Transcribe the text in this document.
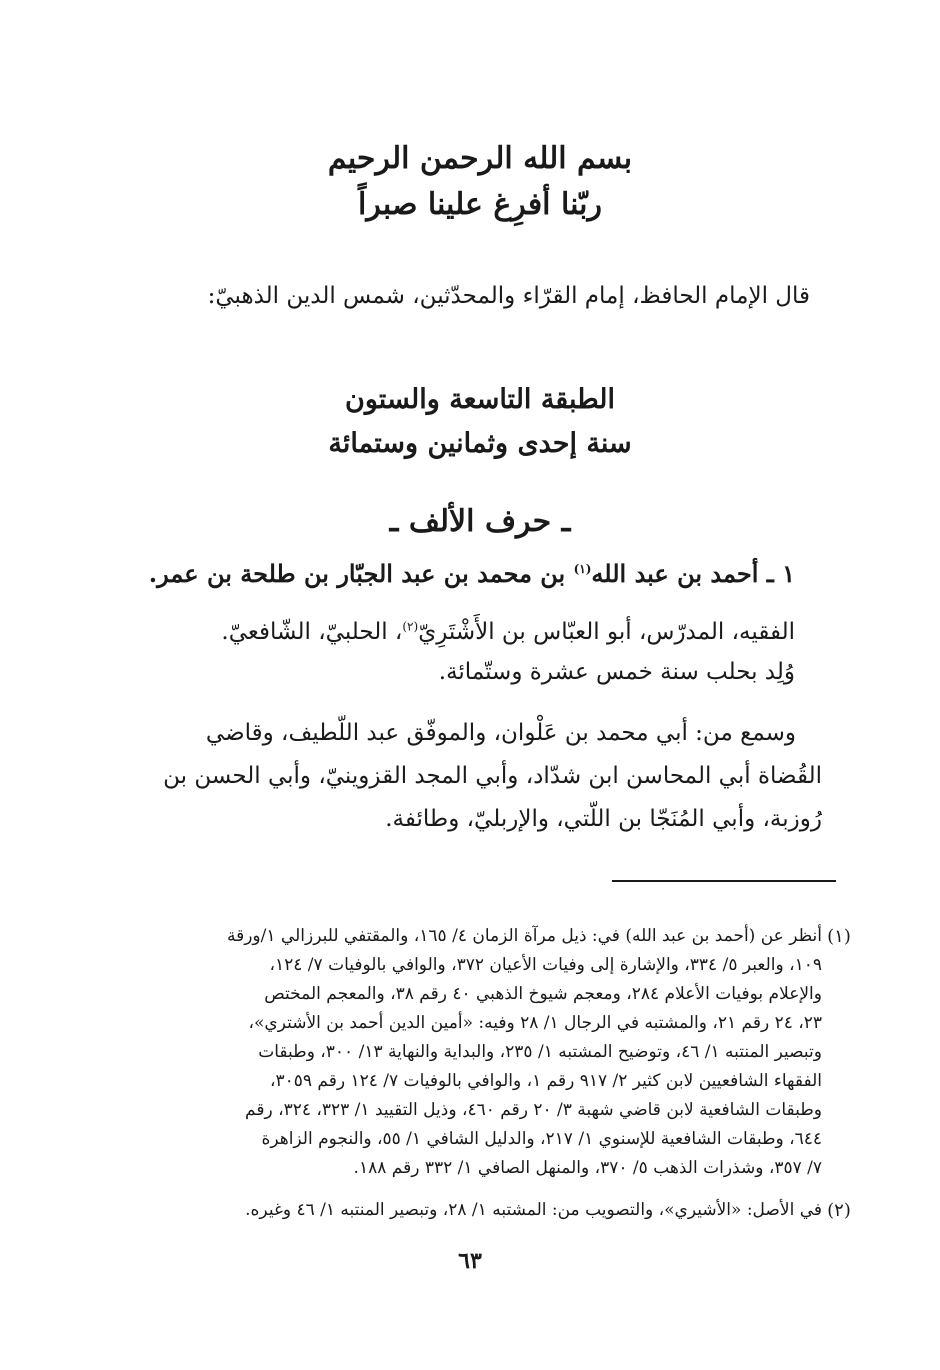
بسم الله الرحمن الرحيم
ربّنا أفرِغ علينا صبراً
قال الإمام الحافظ، إمام القرّاء والمحدّثين، شمس الدين الذهبيّ:
الطبقة التاسعة والستون
سنة إحدى وثمانين وستمائة
ـ حرف الألف ـ
١ ـ أحمد بن عبد الله$^{(١)}$ بن محمد بن عبد الجبّار بن طلحة بن عمر.
الفقيه، المدرّس، أبو العبّاس بن الأَشْتَرِيّ$^{(٢)}$، الحلبيّ، الشّافعيّ.
وُلِد بحلب سنة خمس عشرة وستّمائة.
وسمع من: أبي محمد بن عَلْوان، والموفّق عبد اللّطيف، وقاضي
القُضاة أبي المحاسن ابن شدّاد، وأبي المجد القزوينيّ، وأبي الحسن بن
رُوزبة، وأبي المُنَجّا بن اللّتي، والإربليّ، وطائفة.
(١)
أنظر عن (أحمد بن عبد الله) في: ذيل مرآة الزمان ٤/ ١٦٥، والمقتفي للبرزالي ١/ورقة
١٠٩، والعبر ٥/ ٣٣٤، والإشارة إلى وفيات الأعيان ٣٧٢، والوافي بالوفيات ٧/ ١٢٤،
والإعلام بوفيات الأعلام ٢٨٤، ومعجم شيوخ الذهبي ٤٠ رقم ٣٨، والمعجم المختص
٢٣، ٢٤ رقم ٢١، والمشتبه في الرجال ١/ ٢٨ وفيه: «أمين الدين أحمد بن الأشتري»،
وتبصير المنتبه ١/ ٤٦، وتوضيح المشتبه ١/ ٢٣٥، والبداية والنهاية ١٣/ ٣٠٠، وطبقات
الفقهاء الشافعيين لابن كثير ٢/ ٩١٧ رقم ١، والوافي بالوفيات ٧/ ١٢٤ رقم ٣٠٥٩،
وطبقات الشافعية لابن قاضي شهبة ٣/ ٢٠ رقم ٤٦٠، وذيل التقييد ١/ ٣٢٣، ٣٢٤، رقم
٦٤٤، وطبقات الشافعية للإسنوي ١/ ٢١٧، والدليل الشافي ١/ ٥٥، والنجوم الزاهرة
٧/ ٣٥٧، وشذرات الذهب ٥/ ٣٧٠، والمنهل الصافي ١/ ٣٣٢ رقم ١٨٨.
(٢)
في الأصل: «الأشيري»، والتصويب من: المشتبه ١/ ٢٨، وتبصير المنتبه ١/ ٤٦ وغيره.
٦٣
